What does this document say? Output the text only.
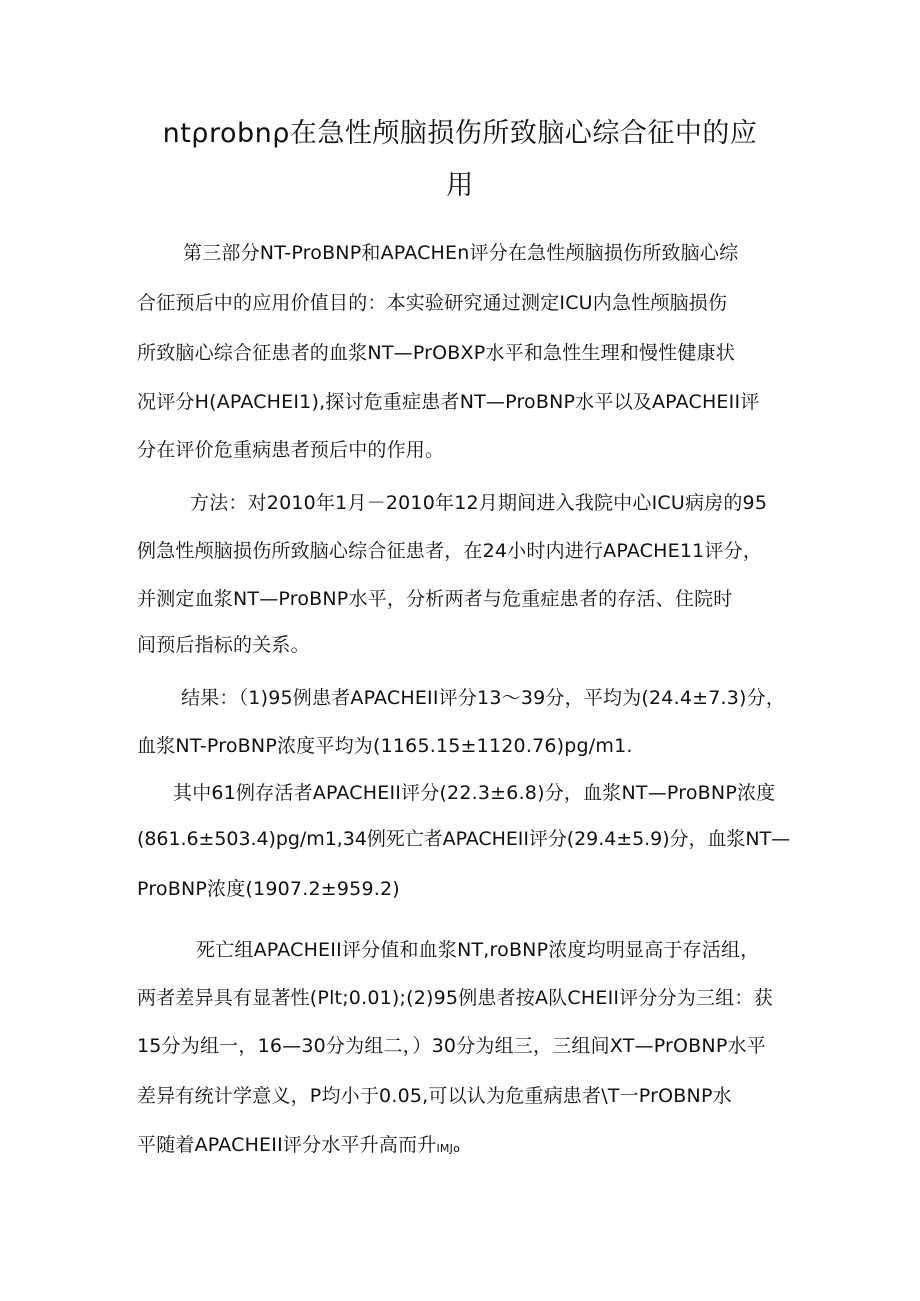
ntρrobnρ在急性颅脑损伤所致脑心综合征中的应
用
第三部分NT-ProBNP和APACHEn评分在急性颅脑损伤所致脑心综
合征预后中的应用价值目的：本实验研究通过测定ICU内急性颅脑损伤
所致脑心综合征患者的血浆NT—PrOBXP水平和急性生理和慢性健康状
况评分H(APACHEI1),探讨危重症患者NT—ProBNP水平以及APACHEII评
分在评价危重病患者预后中的作用。
方法：对2010年1月－2010年12月期间进入我院中心ICU病房的95
例急性颅脑损伤所致脑心综合征患者，在24小时内进行APACHE11评分，
并测定血浆NT—ProBNP水平，分析两者与危重症患者的存活、住院时
间预后指标的关系。
结果：（1)95例患者APACHEII评分13～39分，平均为(24.4±7.3)分，
血浆NT-ProBNP浓度平均为(1165.15±1120.76)pg/m1.
其中61例存活者APACHEII评分(22.3±6.8)分，血浆NT—ProBNP浓度
(861.6±503.4)pg/m1,34例死亡者APACHEII评分(29.4±5.9)分，血浆NT—
ProBNP浓度(1907.2±959.2)
死亡组APACHEII评分值和血浆NT,roBNP浓度均明显高于存活组，
两者差异具有显著性(Plt;0.01);(2)95例患者按A队CHEII评分分为三组：获
15分为组一，16—30分为组二，）30分为组三，三组间XT—PrOBNP水平
差异有统计学意义，P均小于0.05,可以认为危重病患者\T一PrOBNP水
平随着APACHEII评分水平升高而升IMJo
